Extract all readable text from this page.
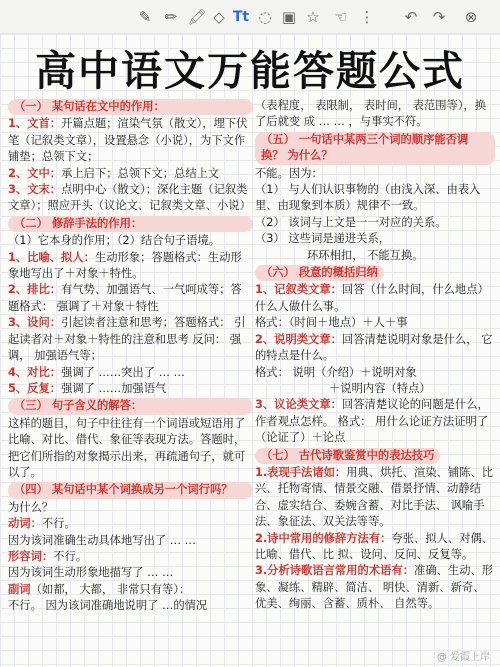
✎ ✏ 🖍 ◇ Tt ◌ ▣ ☆ ☜ ⋮	↶	↷	⊗
高中语文万能答题公式
（一） 某句话在文中的作用：
1、文首：开篇点题；渲染气氛（散文），埋下伏笔（记叙类文章），设置悬念（小说），为下文作 铺垫；总领下文；
2、文中：承上启下；总领下文；总结上文
3、文末：点明中心（散文）；深化主题（记叙类文章）；照应开头（议论文、记叙类文章、小说）
（二） 修辞手法的作用：
（1）它本身的作用；（2）结合句子语境。
1、比喻、拟人：生动形象；答题格式：生动形象地写出了＋对象＋特性。
2、排比：有气势、加强语气、一气呵成等；答题格式： 强调了＋对象＋特性
3、设问：引起读者注意和思考；答题格式： 引起读者对＋对象＋特性的注意和思考 反问： 强调， 加强语气等；
4、对比：强调了 ……突出了 … …
5、反复：强调了 ……加强语气
（三） 句子含义的解答：
这样的题目，句子中往往有一个词语或短语用了比喻、对比、借代、象征等表现方法。答题时，把它们所指的对象揭示出来，再疏通句子，就可以了。
（四） 某句话中某个词换成另一个词行吗？
为什么？
动词：不行。
因为该词准确生动具体地写出了 … …
形容词：不行。
因为该词生动形象地描写了 … …
副词（如都， 大都， 非常只有等）：
不行。 因为该词准确地说明了 …的情况
（表程度， 表限制， 表时间， 表范围等），换了后就变 成 … … ，与事实不符。
（五） 一句话中某两三个词的顺序能否调换？ 为什么？
不能。因为：
（1） 与人们认识事物的（由浅入深、由表入里、由现象到本质）规律不一致。
（2） 该词与上文是一一对应的关系。
（3） 这些词是递进关系，
环环相扣， 不能互换。
（六） 段意的概括归纳
1、记叙类文章：回答（什么时间，什么地点）什么人做什么事。
格式：（时间＋地点）＋人＋事
2、说明类文章：回答清楚说明对象是什么， 它的特点是什么。
格式： 说明（介绍）＋说明对象
＋说明内容（特点）
3、议论类文章：回答清楚议论的问题是什么， 作者观点怎样。 格式： 用什么论证方法证明了（论证了）＋论点
（七） 古代诗歌鉴赏中的表达技巧
1.表现手法诸如：用典、烘托、渲染、铺陈、比兴、托物寄情、情景交融、借景抒情、动静结合、虚实结合、委婉含蓄、对比手法、 讽喻手法、象征法、双关法等等。
2.诗中常用的修辞方法有：夸张、拟人、对偶、比喻、借代、比 拟、设问、反问、反复等。
3.分析诗歌语言常用的术语有：准确、生动、形象、凝练、精辟、简洁、 明快、清新、新奇、优美、绚丽、含蓄、质朴、 自然等。
@ 爱霞上岸
